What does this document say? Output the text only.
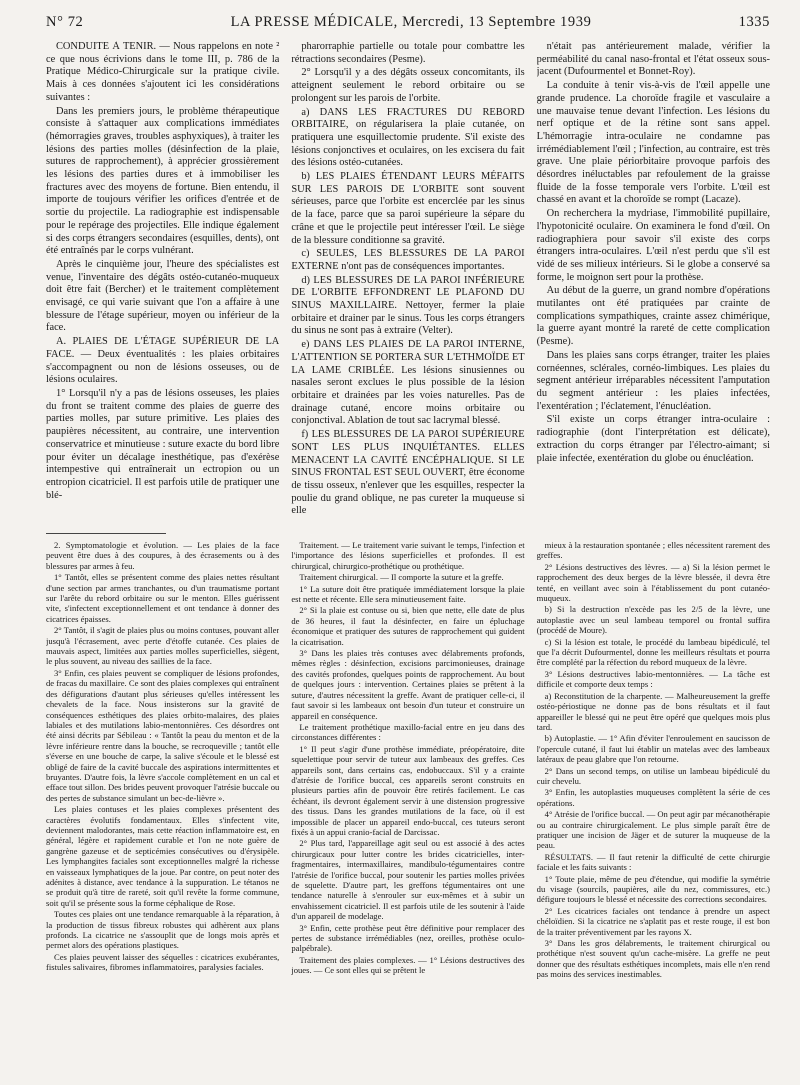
N° 72	LA PRESSE MÉDICALE, Mercredi, 13 Septembre 1939	1335

CONDUITE À TENIR. — Nous rappelons en note ² ce que nous écrivions dans le tome III, p. 786 de la Pratique Médico-Chirurgicale sur la pratique civile. Mais à ces données s'ajoutent ici les considérations suivantes :

Dans les premiers jours, le problème thérapeutique consiste à s'attaquer aux complications immédiates (hémorragies graves, troubles asphyxiques), à traiter les lésions des parties molles (désinfection de la plaie, sutures de rapprochement), à apprécier grossièrement les lésions des parties dures et à immobiliser les fractures avec des moyens de fortune. Bien entendu, il importe de toujours vérifier les orifices d'entrée et de sortie du projectile. La radiographie est indispensable pour le repérage des projectiles. Elle indique également si des corps étrangers secondaires (esquilles, dents), ont été entraînés par le corps vulnérant.

Après le cinquième jour, l'heure des spécialistes est venue, l'inventaire des dégâts ostéo-cutanéo-muqueux doit être fait (Bercher) et le traitement complètement envisagé, ce qui varie suivant que l'on a affaire à une blessure de l'étage supérieur, moyen ou inférieur de la face.

A. PLAIES DE L'ÉTAGE SUPÉRIEUR DE LA FACE. — Deux éventualités : les plaies orbitaires s'accompagnent ou non de lésions osseuses, ou de lésions oculaires.

1° Lorsqu'il n'y a pas de lésions osseuses, les plaies du front se traitent comme des plaies de guerre des parties molles, par suture primitive. Les plaies des paupières nécessitent, au contraire, une intervention conservatrice et minutieuse : suture exacte du bord libre pour éviter un décalage inesthétique, pas d'exérèse intempestive qui entraînerait un ectropion ou un entropion cicatriciel. Il est parfois utile de pratiquer une blé-

pharorraphie partielle ou totale pour combattre les rétractions secondaires (Pesme).

2° Lorsqu'il y a des dégâts osseux concomitants, ils atteignent seulement le rebord orbitaire ou se prolongent sur les parois de l'orbite.

a) DANS LES FRACTURES DU REBORD ORBITAIRE, on régularisera la plaie cutanée, on pratiquera une esquillectomie prudente. S'il existe des lésions conjonctives et oculaires, on les excisera du fait des lésions ostéo-cutanées.

b) LES PLAIES ÉTENDANT LEURS MÉFAITS SUR LES PAROIS DE L'ORBITE sont souvent sérieuses, parce que l'orbite est encerclée par les sinus de la face, parce que sa paroi supérieure la sépare du crâne et que le projectile peut intéresser l'œil. Le siège de la blessure conditionne sa gravité.

c) SEULES, LES BLESSURES DE LA PAROI EXTERNE n'ont pas de conséquences importantes.

d) LES BLESSURES DE LA PAROI INFÉRIEURE DE L'ORBITE EFFONDRENT LE PLAFOND DU SINUS MAXILLAIRE. Nettoyer, fermer la plaie orbitaire et drainer par le sinus. Tous les corps étrangers du sinus ne sont pas à extraire (Velter).

e) DANS LES PLAIES DE LA PAROI INTERNE, L'ATTENTION SE PORTERA SUR L'ETHMOÏDE ET LA LAME CRIBLÉE. Les lésions sinusiennes ou nasales seront exclues le plus possible de la lésion orbitaire et drainées par les voies naturelles. Pas de drainage cutané, encore moins orbitaire ou conjonctival. Ablation de tout sac lacrymal blessé.

f) LES BLESSURES DE LA PAROI SUPÉRIEURE SONT LES PLUS INQUIÉTANTES. ELLES MENACENT LA CAVITÉ ENCÉPHALIQUE. SI LE SINUS FRONTAL EST SEUL OUVERT, être économe de tissu osseux, n'enlever que les esquilles, respecter la poulie du grand oblique, ne pas cureter la muqueuse si elle

n'était pas antérieurement malade, vérifier la perméabilité du canal naso-frontal et l'état osseux sous-jacent (Dufourmentel et Bonnet-Roy).

La conduite à tenir vis-à-vis de l'œil appelle une grande prudence. La choroïde fragile et vasculaire a une mauvaise tenue devant l'infection. Les lésions du nerf optique et de la rétine sont sans appel. L'hémorragie intra-oculaire ne condamne pas irrémédiablement l'œil ; l'infection, au contraire, est très grave. Une plaie périorbitaire provoque parfois des désordres inéluctables par refoulement de la graisse fluide de la fosse temporale vers l'orbite. L'œil est chassé en avant et la choroïde se rompt (Lacaze).

On recherchera la mydriase, l'immobilité pupillaire, l'hypotonicité oculaire. On examinera le fond d'œil. On radiographiera pour savoir s'il existe des corps étrangers intra-oculaires. L'œil n'est perdu que s'il est vidé de ses milieux intérieurs. Si le globe a conservé sa forme, le moignon sert pour la prothèse.

Au début de la guerre, un grand nombre d'opérations mutilantes ont été pratiquées par crainte de complications sympathiques, crainte assez chimérique, la guerre ayant montré la rareté de cette complication (Pesme).

Dans les plaies sans corps étranger, traiter les plaies cornéennes, sclérales, cornéo-limbiques. Les plaies du segment antérieur irréparables nécessitent l'amputation du segment antérieur : les plaies infectées, l'exentération ; l'éclatement, l'énucléation.

S'il existe un corps étranger intra-oculaire : radiographie (dont l'interprétation est délicate), extraction du corps étranger par l'électro-aimant; si plaie infectée, exentération du globe ou énucléation.

2. Symptomatologie et évolution. — Les plaies de la face peuvent être dues à des coupures, à des écrasements ou à des blessures par armes à feu.

1° Tantôt, elles se présentent comme des plaies nettes résultant d'une section par armes tranchantes, ou d'un traumatisme portant sur l'arête du rebord orbitaire ou sur le menton. Elles guérissent vite, s'infectent exceptionnellement et ont tendance à donner des cicatrices épaisses.

2° Tantôt, il s'agit de plaies plus ou moins contuses, pouvant aller jusqu'à l'écrasement, avec perte d'étoffe cutanée. Ces plaies de mauvais aspect, limitées aux parties molles superficielles, siègent, le plus souvent, au niveau des saillies de la face.

3° Enfin, ces plaies peuvent se compliquer de lésions profondes, de fracas du maxillaire. Ce sont des plaies complexes qui entraînent des défigurations d'autant plus sérieuses qu'elles intéressent les chevalets de la face. Nous insisterons sur la gravité de conséquences esthétiques des plaies orbito-malaires, des plaies labiales et des mutilations labio-mentonnières. Ces désordres ont été ainsi décrits par Sébileau : « Tantôt la peau du menton et de la lèvre inférieure rentre dans la bouche, se recroqueville ; tantôt elle s'éverse en une bouche de carpe, la salive s'écoule et le blessé est obligé de faire de la cavité buccale des aspirations intermittentes et bruyantes. D'autre fois, la lèvre s'accole complètement en un cal et efface tout sillon. Des brides peuvent provoquer l'atrésie buccale ou des pertes de substance simulant un bec-de-lièvre ».

Les plaies contuses et les plaies complexes présentent des caractères évolutifs fondamentaux. Elles s'infectent vite, deviennent malodorantes, mais cette réaction inflammatoire est, en général, légère et rapidement curable et l'on ne note guère de gangrène gazeuse et de septicémies consécutives ou d'érysipèle. Les lymphangites faciales sont exceptionnelles malgré la richesse en vaisseaux lymphatiques de la joue. Par contre, on peut noter des adénites à distance, avec tendance à la suppuration. Le tétanos ne se produit qu'à titre de rareté, soit qu'il revête la forme commune, soit qu'il se présente sous la forme céphalique de Rose.

Toutes ces plaies ont une tendance remarquable à la réparation, à la production de tissus fibreux robustes qui adhèrent aux plans profonds. La cicatrice ne s'assouplit que de longs mois après et permet alors des opérations plastiques.

Ces plaies peuvent laisser des séquelles : cicatrices exubérantes, fistules salivaires, fibromes inflammatoires, paralysies faciales.

Traitement. — Le traitement varie suivant le temps, l'infection et l'importance des lésions superficielles et profondes. Il est chirurgical, chirurgico-prothétique ou prothétique.

Traitement chirurgical. — Il comporte la suture et la greffe.

1° La suture doit être pratiquée immédiatement lorsque la plaie est nette et récente. Elle sera minutieusement faite.

2° Si la plaie est contuse ou si, bien que nette, elle date de plus de 36 heures, il faut la désinfecter, en faire un épluchage économique et pratiquer des sutures de rapprochement qui guident la cicatrisation.

3° Dans les plaies très contuses avec délabrements profonds, mêmes règles : désinfection, excisions parcimonieuses, drainage des cavités profondes, quelques points de rapprochement. Au bout de quelques jours : intervention. Certaines plaies se prêtent à la suture, d'autres nécessitent la greffe. Avant de pratiquer celle-ci, il faut savoir si les lambeaux ont besoin d'un tuteur et construire un appareil en conséquence.

Le traitement prothétique maxillo-facial entre en jeu dans des circonstances différentes :

1° Il peut s'agir d'une prothèse immédiate, préopératoire, dite squelettique pour servir de tuteur aux lambeaux des greffes. Ces appareils sont, dans certains cas, endobuccaux. S'il y a crainte d'atrésie de l'orifice buccal, ces appareils seront construits en plusieurs parties afin de pouvoir être retirés facilement. Le cas échéant, ils devront également servir à une distension progressive des tissus. Dans les grandes mutilations de la face, où il est impossible de placer un appareil endo-buccal, ces tuteurs seront fixés à un appui cranio-facial de Darcissac.

2° Plus tard, l'appareillage agit seul ou est associé à des actes chirurgicaux pour lutter contre les brides cicatricielles, inter-fragmentaires, intermaxillaires, mandibulo-tégumentaires contre l'atrésie de l'orifice buccal, pour soutenir les parties molles privées de squelette. D'autre part, les greffons tégumentaires ont une tendance naturelle à s'enrouler sur eux-mêmes et à subir un envahissement cicatriciel. Il est parfois utile de les soutenir à l'aide d'un appareil de modelage.

3° Enfin, cette prothèse peut être définitive pour remplacer des pertes de substance irrémédiables (nez, oreilles, prothèse oculo-palpébrale).

Traitement des plaies complexes. — 1° Lésions destructives des joues. — Ce sont elles qui se prêtent le

mieux à la restauration spontanée ; elles nécessitent rarement des greffes.

2° Lésions destructives des lèvres. — a) Si la lésion permet le rapprochement des deux berges de la lèvre blessée, il devra être tenté, en veillant avec soin à l'établissement du pont cutanéo-muqueux.

b) Si la destruction n'excède pas les 2/5 de la lèvre, une autoplastie avec un seul lambeau temporel ou frontal suffira (procédé de Moure).

c) Si la lésion est totale, le procédé du lambeau bipédiculé, tel que l'a décrit Dufourmentel, donne les meilleurs résultats et pourra être complété par la réfection du rebord muqueux de la lèvre.

3° Lésions destructives labio-mentonnières. — La tâche est difficile et comporte deux temps :

a) Reconstitution de la charpente. — Malheureusement la greffe ostéo-périostique ne donne pas de bons résultats et il faut appareiller le blessé qui ne peut être opéré que quelques mois plus tard.

b) Autoplastie. — 1° Afin d'éviter l'enroulement en saucisson de l'opercule cutané, il faut lui établir un matelas avec des lambeaux latéraux de peau glabre que l'on retourne.

2° Dans un second temps, on utilise un lambeau bipédiculé du cuir chevelu.

3° Enfin, les autoplasties muqueuses complètent la série de ces opérations.

4° Atrésie de l'orifice buccal. — On peut agir par mécanothérapie ou au contraire chirurgicalement. Le plus simple paraît être de pratiquer une incision de Jäger et de suturer la muqueuse de la peau.

RÉSULTATS. — Il faut retenir la difficulté de cette chirurgie faciale et les faits suivants :

1° Toute plaie, même de peu d'étendue, qui modifie la symétrie du visage (sourcils, paupières, aile du nez, commissures, etc.) défigure toujours le blessé et nécessite des corrections secondaires.

2° Les cicatrices faciales ont tendance à prendre un aspect chéloïdien. Si la cicatrice ne s'aplatit pas et reste rouge, il est bon de la traiter préventivement par les rayons X.

3° Dans les gros délabrements, le traitement chirurgical ou prothétique n'est souvent qu'un cache-misère. La greffe ne peut donner que des résultats esthétiques incomplets, mais elle n'en rend pas moins des services inestimables.
